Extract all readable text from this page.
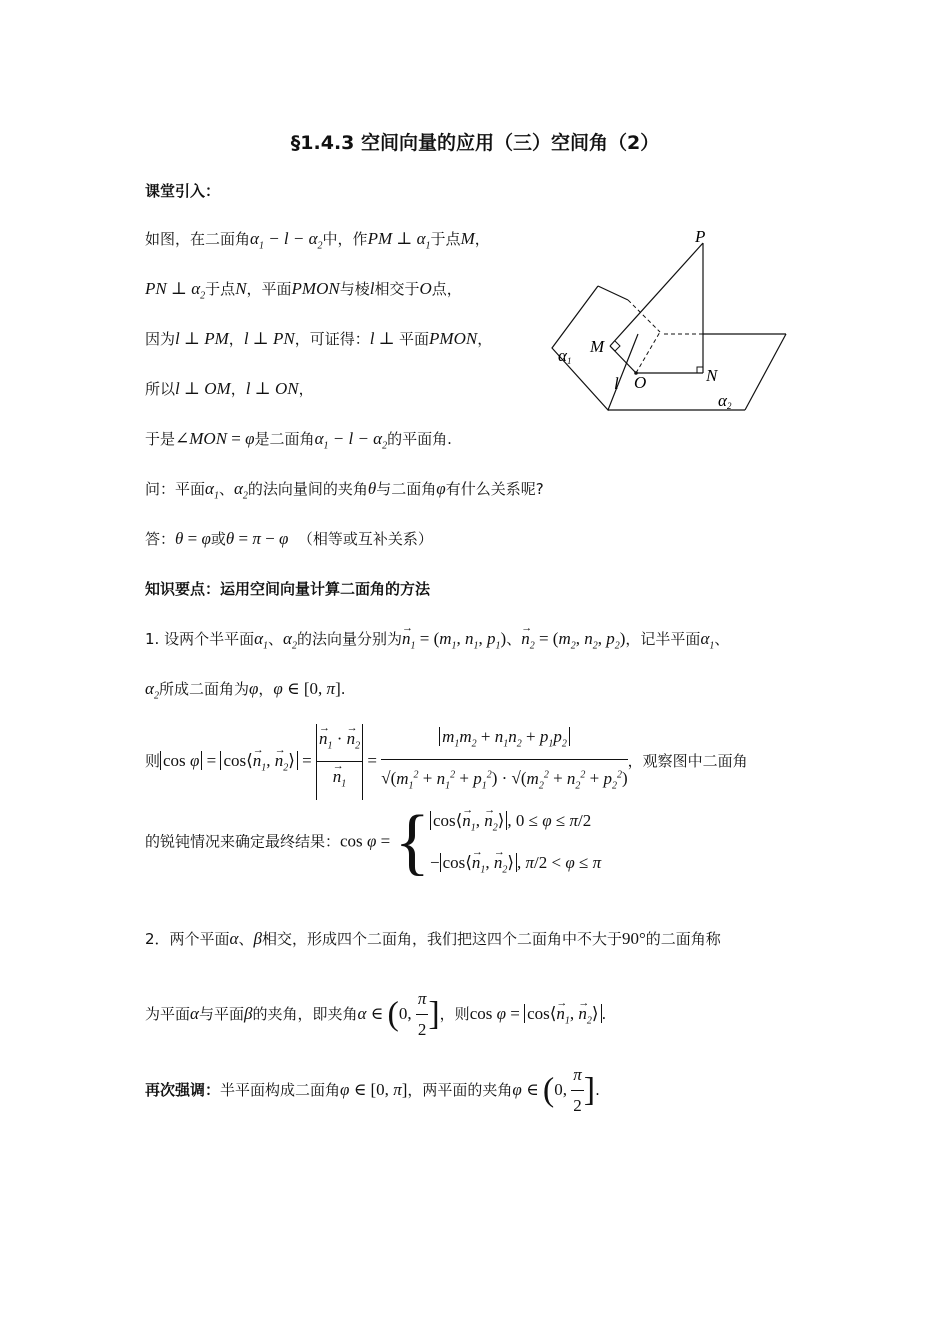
§1.4.3 空间向量的应用（三）空间角（2）
课堂引入：
如图，在二面角$\alpha_1 - l - \alpha_2$中，作PM ⊥ $\alpha_1$于点M，
PN ⊥ $\alpha_2$于点N，平面PMON与棱l相交于O点，
因为l ⊥ PM，l ⊥ PN，可证得：l ⊥ 平面PMON，
所以l ⊥ OM，l ⊥ ON，
于是∠MON = φ是二面角$\alpha_1 - l - \alpha_2$的平面角.
问：平面$\alpha_1$、$\alpha_2$的法向量间的夹角θ与二面角φ有什么关系呢?
答：θ = φ或θ = π − φ （相等或互补关系）
P
M
N
O
l
α1
α2
知识要点：运用空间向量计算二面角的方法
1. 设两个半平面$\alpha_1$、$\alpha_2$的法向量分别为→ $n_1 = (m_1$, $n_1$, $p_1$)、→ $n_2 = (m_2$, $n_2$, $p_2$)，记半平面$\alpha_1$、
$\alpha_2$所成二面角为φ，φ ∈ [0, π].
则 cos φ = cos⟨→ $n_1$, → $n_2⟩$ =
→ $n_1$ · → $n_2$
→ $n_1 = \frac{m_1m_2 + n_1n_2 + p_1p_2}{√(m_1^2 + n_1^2 + p_1^2) \cdot √(m_2^2 + n_2^2 + p_2^2)}$ ，观察图中二面角
的锐钝情况来确定最终结果：cos φ = { cos⟨→ $n_1$, → $n_2⟩$ , 0 ≤ φ ≤ π/2
− cos⟨→ $n_1$, → $n_2⟩$ , π/2 < φ ≤ π
2．两个平面α、β相交，形成四个二面角，我们把这四个二面角中不大于90°的二面角称
为平面α与平面β的夹角，即夹角α ∈ (0, $\frac{\pi}{2}$ ]，则cos φ = cos⟨→ $n_1$, → $n_2⟩$ .
再次强调：半平面构成二面角φ ∈ [0, π]，两平面的夹角φ ∈ (0, $\frac{\pi}{2}$ ].
